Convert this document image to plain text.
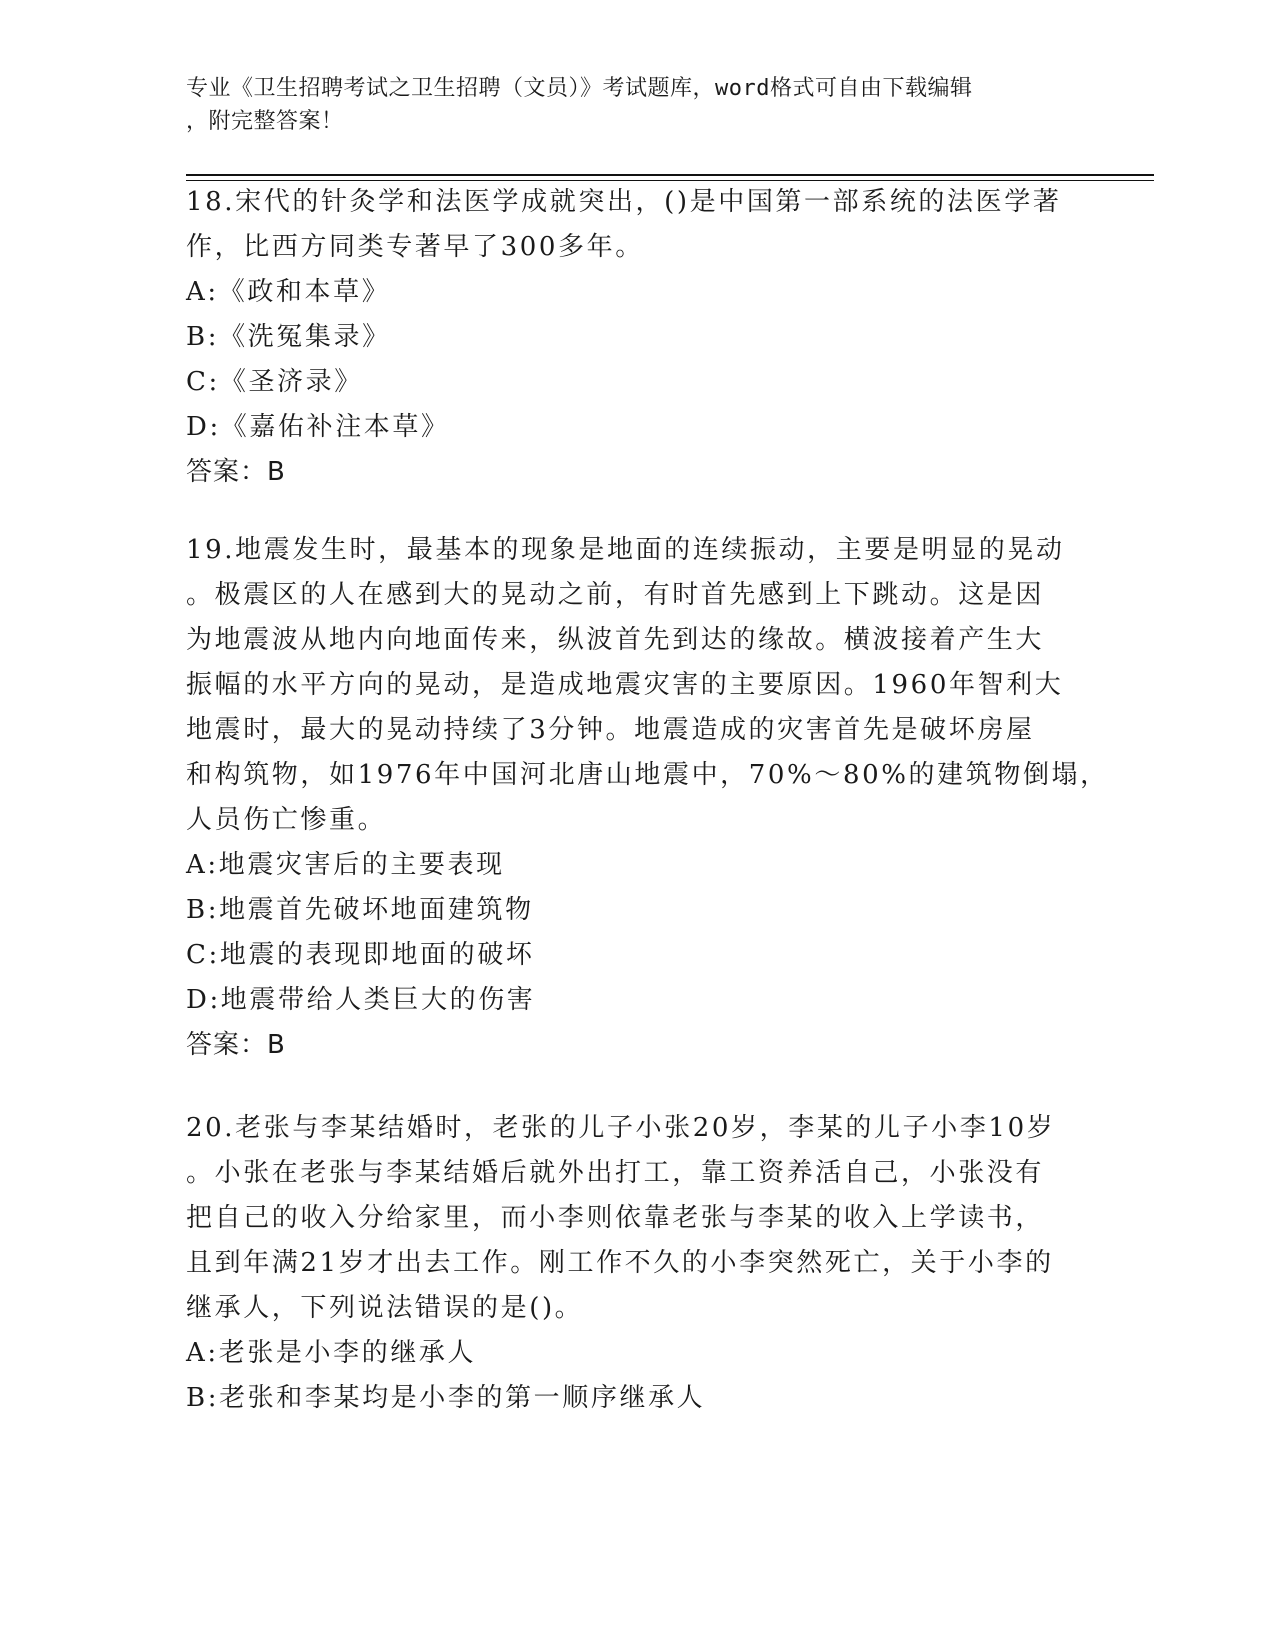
专业《卫生招聘考试之卫生招聘（文员）》考试题库，word格式可自由下载编辑
，附完整答案！
18.宋代的针灸学和法医学成就突出，()是中国第一部系统的法医学著
作，比西方同类专著早了300多年。
A:《政和本草》
B:《洗冤集录》
C:《圣济录》
D:《嘉佑补注本草》
答案：B
19.地震发生时，最基本的现象是地面的连续振动，主要是明显的晃动
。极震区的人在感到大的晃动之前，有时首先感到上下跳动。这是因
为地震波从地内向地面传来，纵波首先到达的缘故。横波接着产生大
振幅的水平方向的晃动，是造成地震灾害的主要原因。1960年智利大
地震时，最大的晃动持续了3分钟。地震造成的灾害首先是破坏房屋
和构筑物，如1976年中国河北唐山地震中，70%～80%的建筑物倒塌，
人员伤亡惨重。
A:地震灾害后的主要表现
B:地震首先破坏地面建筑物
C:地震的表现即地面的破坏
D:地震带给人类巨大的伤害
答案：B
20.老张与李某结婚时，老张的儿子小张20岁，李某的儿子小李10岁
。小张在老张与李某结婚后就外出打工，靠工资养活自己，小张没有
把自己的收入分给家里，而小李则依靠老张与李某的收入上学读书，
且到年满21岁才出去工作。刚工作不久的小李突然死亡，关于小李的
继承人，下列说法错误的是()。
A:老张是小李的继承人
B:老张和李某均是小李的第一顺序继承人
